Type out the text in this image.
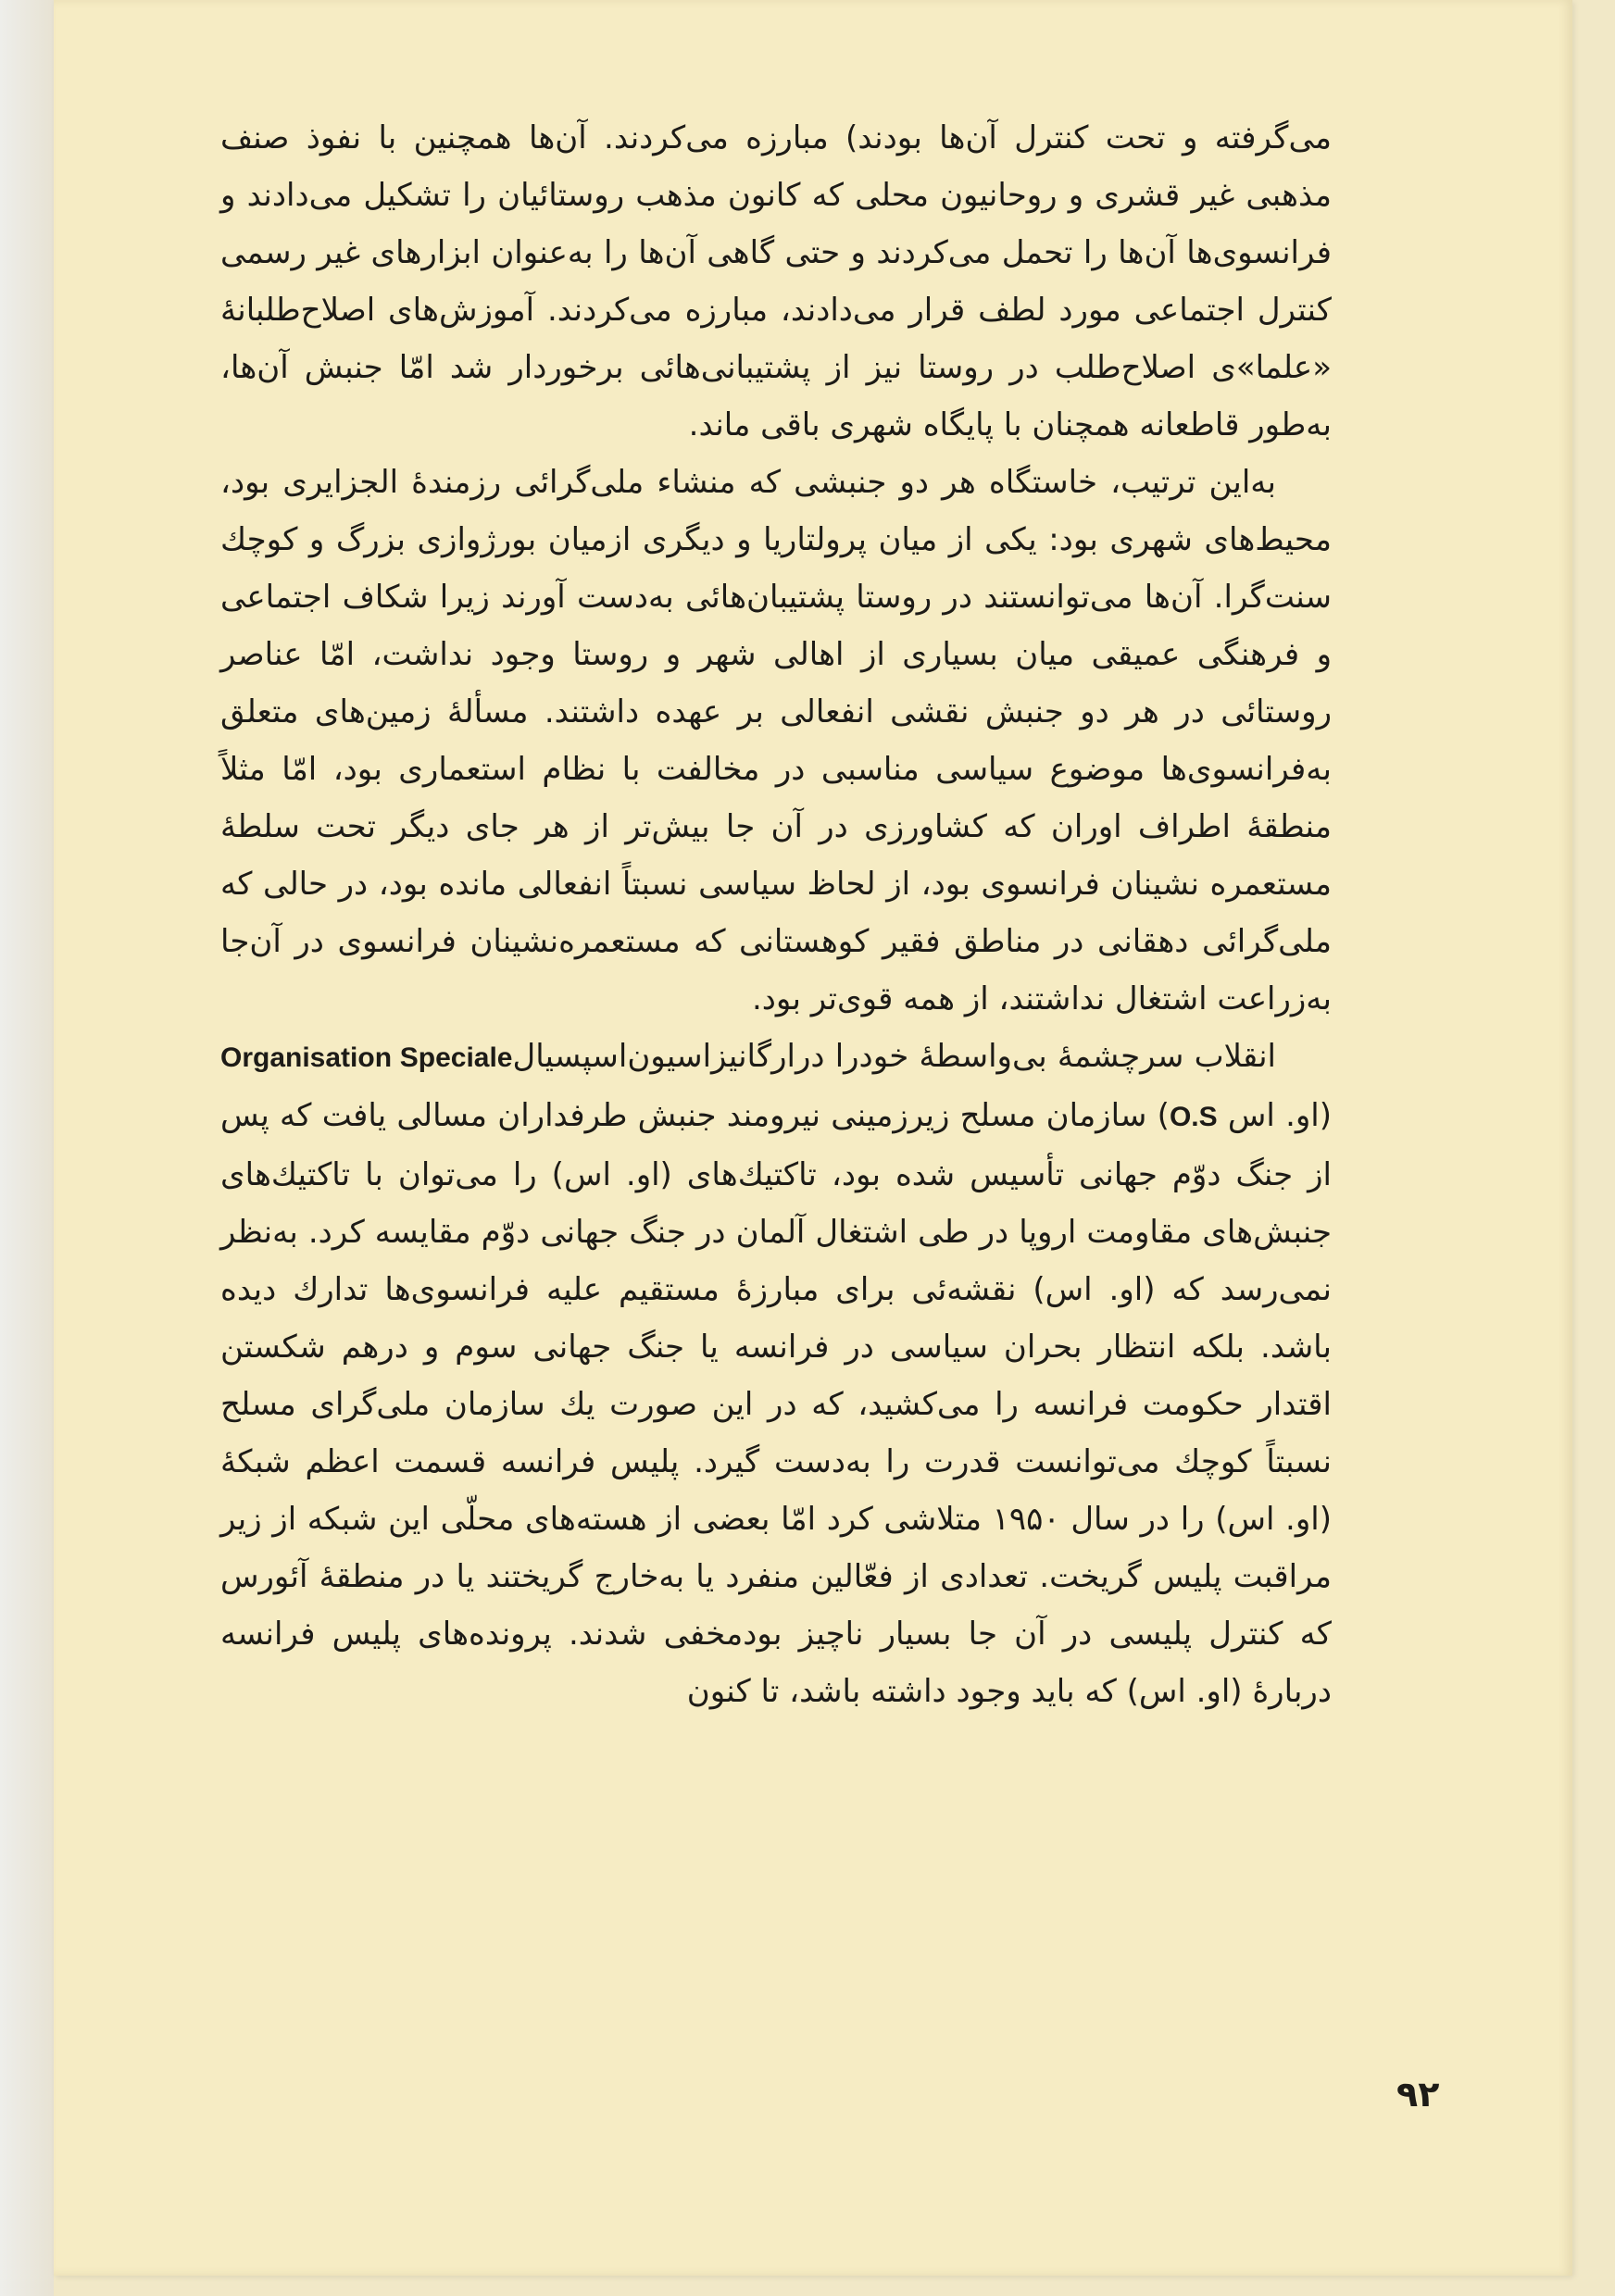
می‌گرفته و تحت کنترل آن‌ها بودند) مبارزه می‌کردند. آن‌ها همچنین با نفوذ صنف مذهبی غیر قشری و روحانیون محلی که کانون مذهب روستائیان را تشکیل می‌دادند و فرانسوی‌ها آن‌ها را تحمل می‌کردند و حتی گاهی آن‌ها را به‌عنوان ابزارهای غیر رسمی کنترل اجتماعی مورد لطف قرار می‌دادند، مبارزه می‌کردند. آموزش‌های اصلاح‌طلبانهٔ «علما»ی اصلاح‌طلب در روستا نیز از پشتیبانی‌هائی برخوردار شد امّا جنبش آن‌ها، به‌طور قاطعانه همچنان با پایگاه شهری باقی ماند.

به‌این ترتیب، خاستگاه هر دو جنبشی که منشاء ملی‌گرائی رزمندهٔ الجزایری بود، محیط‌های شهری بود: یکی از میان پرولتاریا و دیگری ازمیان بورژوازی بزرگ و کوچك سنت‌گرا. آن‌ها می‌توانستند در روستا پشتیبان‌هائی به‌دست آورند زیرا شکاف اجتماعی و فرهنگی عمیقی میان بسیاری از اهالی شهر و روستا وجود نداشت، امّا عناصر روستائی در هر دو جنبش نقشی انفعالی بر عهده داشتند. مسألهٔ زمین‌های متعلق به‌فرانسوی‌ها موضوع سیاسی مناسبی در مخالفت با نظام استعماری بود، امّا مثلاً منطقهٔ اطراف اوران که کشاورزی در آن جا بیش‌تر از هر جای دیگر تحت سلطهٔ مستعمره نشینان فرانسوی بود، از لحاظ سیاسی نسبتاً انفعالی مانده بود، در حالی که ملی‌گرائی دهقانی در مناطق فقیر کوهستانی که مستعمره‌نشینان فرانسوی در آن‌جا به‌زراعت اشتغال نداشتند، از همه قوی‌تر بود.

انقلاب سرچشمهٔ بی‌واسطهٔ خودرا درارگانیزاسیون‌اسپسیالOrganisation Speciale (او. اس O.S) سازمان مسلح زیرزمینی نیرومند جنبش طرفداران مسالی یافت که پس از جنگ دوّم جهانی تأسیس شده بود، تاکتیك‌های (او. اس) را می‌توان با تاکتیك‌های جنبش‌های مقاومت اروپا در طی اشتغال آلمان در جنگ جهانی دوّم مقایسه کرد. به‌نظر نمی‌رسد که (او. اس) نقشه‌ئی برای مبارزهٔ مستقیم علیه فرانسوی‌ها تدارك دیده باشد. بلکه انتظار بحران سیاسی در فرانسه یا جنگ جهانی سوم و درهم شکستن اقتدار حکومت فرانسه را می‌کشید، که در این صورت یك سازمان ملی‌گرای مسلح نسبتاً کوچك می‌توانست قدرت را به‌دست گیرد. پلیس فرانسه قسمت اعظم شبکهٔ (او. اس) را در سال ۱۹۵۰ متلاشی کرد امّا بعضی از هسته‌های محلّی این شبکه از زیر مراقبت پلیس گریخت. تعدادی از فعّالین منفرد یا به‌خارج گریختند یا در منطقهٔ آئورس که کنترل پلیسی در آن جا بسیار ناچیز بودمخفی شدند. پرونده‌های پلیس فرانسه دربارهٔ (او. اس) که باید وجود داشته باشد، تا کنون

۹۲
